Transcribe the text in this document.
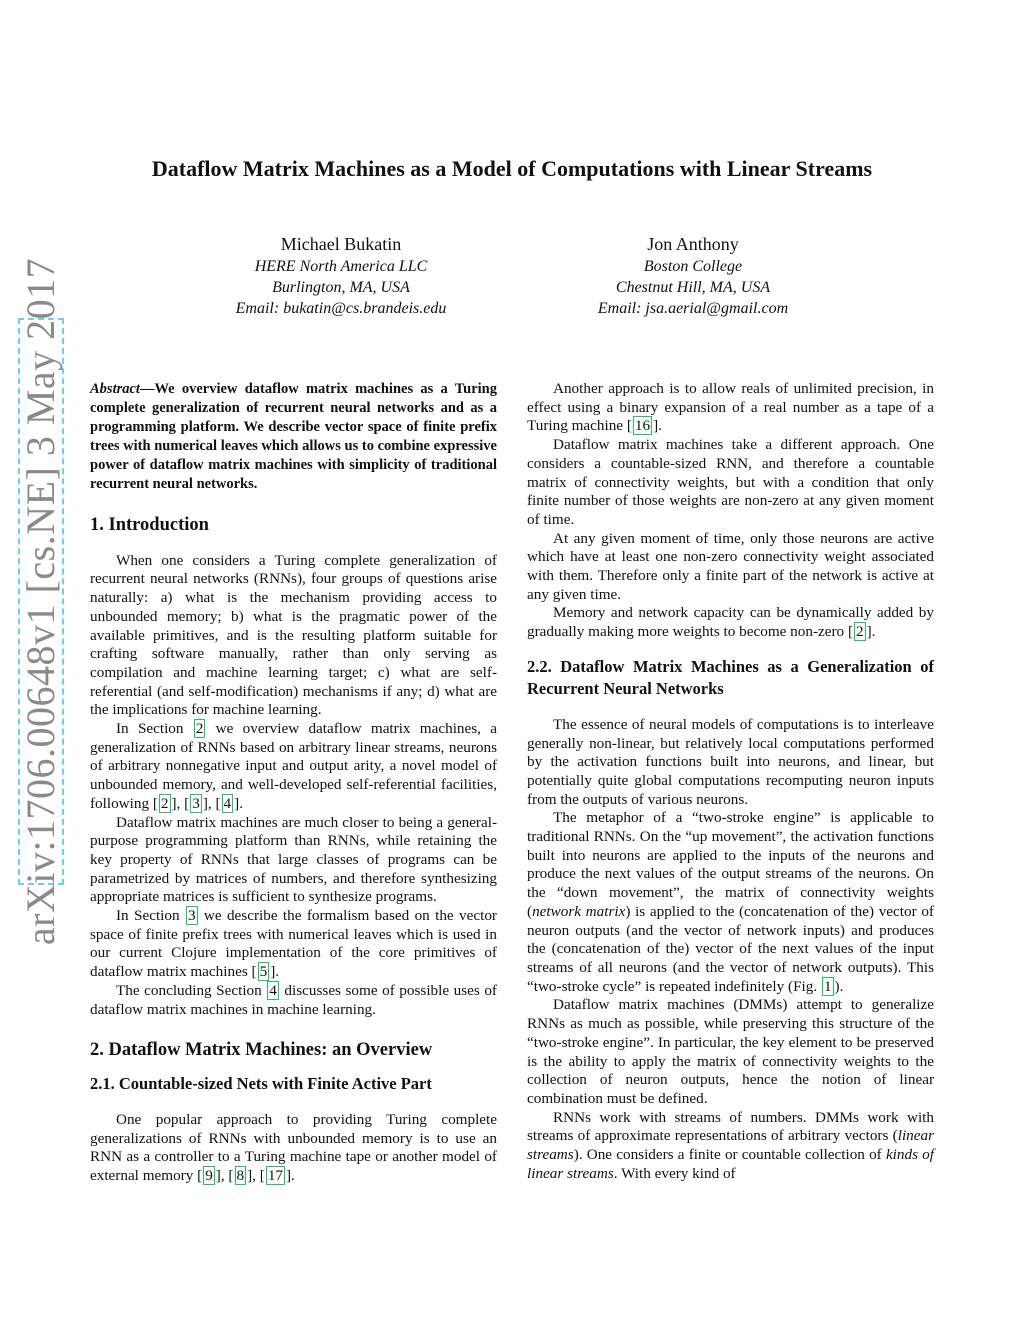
arXiv:1706.00648v1 [cs.NE] 3 May 2017
Dataflow Matrix Machines as a Model of Computations with Linear Streams
Michael Bukatin
HERE North America LLC
Burlington, MA, USA
Email: bukatin@cs.brandeis.edu
Jon Anthony
Boston College
Chestnut Hill, MA, USA
Email: jsa.aerial@gmail.com

Abstract—We overview dataflow matrix machines as a Turing complete generalization of recurrent neural networks and as a programming platform. We describe vector space of finite prefix trees with numerical leaves which allows us to combine expressive power of dataflow matrix machines with simplicity of traditional recurrent neural networks.

1. Introduction

When one considers a Turing complete generalization of recurrent neural networks (RNNs), four groups of questions arise naturally: a) what is the mechanism providing access to unbounded memory; b) what is the pragmatic power of the available primitives, and is the resulting platform suitable for crafting software manually, rather than only serving as compilation and machine learning target; c) what are self-referential (and self-modification) mechanisms if any; d) what are the implications for machine learning.

In Section 2 we overview dataflow matrix machines, a generalization of RNNs based on arbitrary linear streams, neurons of arbitrary nonnegative input and output arity, a novel model of unbounded memory, and well-developed self-referential facilities, following [ 2 ], [ 3 ], [ 4 ].

Dataflow matrix machines are much closer to being a general-purpose programming platform than RNNs, while retaining the key property of RNNs that large classes of programs can be parametrized by matrices of numbers, and therefore synthesizing appropriate matrices is sufficient to synthesize programs.

In Section 3 we describe the formalism based on the vector space of finite prefix trees with numerical leaves which is used in our current Clojure implementation of the core primitives of dataflow matrix machines [ 5 ].

The concluding Section 4 discusses some of possible uses of dataflow matrix machines in machine learning.

2. Dataflow Matrix Machines: an Overview
2.1. Countable-sized Nets with Finite Active Part

One popular approach to providing Turing complete generalizations of RNNs with unbounded memory is to use an RNN as a controller to a Turing machine tape or another model of external memory [ 9 ], [ 8 ], [ 17 ].

Another approach is to allow reals of unlimited precision, in effect using a binary expansion of a real number as a tape of a Turing machine [ 16 ].

Dataflow matrix machines take a different approach. One considers a countable-sized RNN, and therefore a countable matrix of connectivity weights, but with a condition that only finite number of those weights are non-zero at any given moment of time.

At any given moment of time, only those neurons are active which have at least one non-zero connectivity weight associated with them. Therefore only a finite part of the network is active at any given time.

Memory and network capacity can be dynamically added by gradually making more weights to become non-zero [ 2 ].

2.2. Dataflow Matrix Machines as a Generalization of Recurrent Neural Networks

The essence of neural models of computations is to interleave generally non-linear, but relatively local computations performed by the activation functions built into neurons, and linear, but potentially quite global computations recomputing neuron inputs from the outputs of various neurons.

The metaphor of a “two-stroke engine” is applicable to traditional RNNs. On the “up movement”, the activation functions built into neurons are applied to the inputs of the neurons and produce the next values of the output streams of the neurons. On the “down movement”, the matrix of connectivity weights (network matrix) is applied to the (concatenation of the) vector of neuron outputs (and the vector of network inputs) and produces the (concatenation of the) vector of the next values of the input streams of all neurons (and the vector of network outputs). This “two-stroke cycle” is repeated indefinitely (Fig. 1 ).

Dataflow matrix machines (DMMs) attempt to generalize RNNs as much as possible, while preserving this structure of the “two-stroke engine”. In particular, the key element to be preserved is the ability to apply the matrix of connectivity weights to the collection of neuron outputs, hence the notion of linear combination must be defined.

RNNs work with streams of numbers. DMMs work with streams of approximate representations of arbitrary vectors (linear streams). One considers a finite or countable collection of kinds of linear streams. With every kind of
